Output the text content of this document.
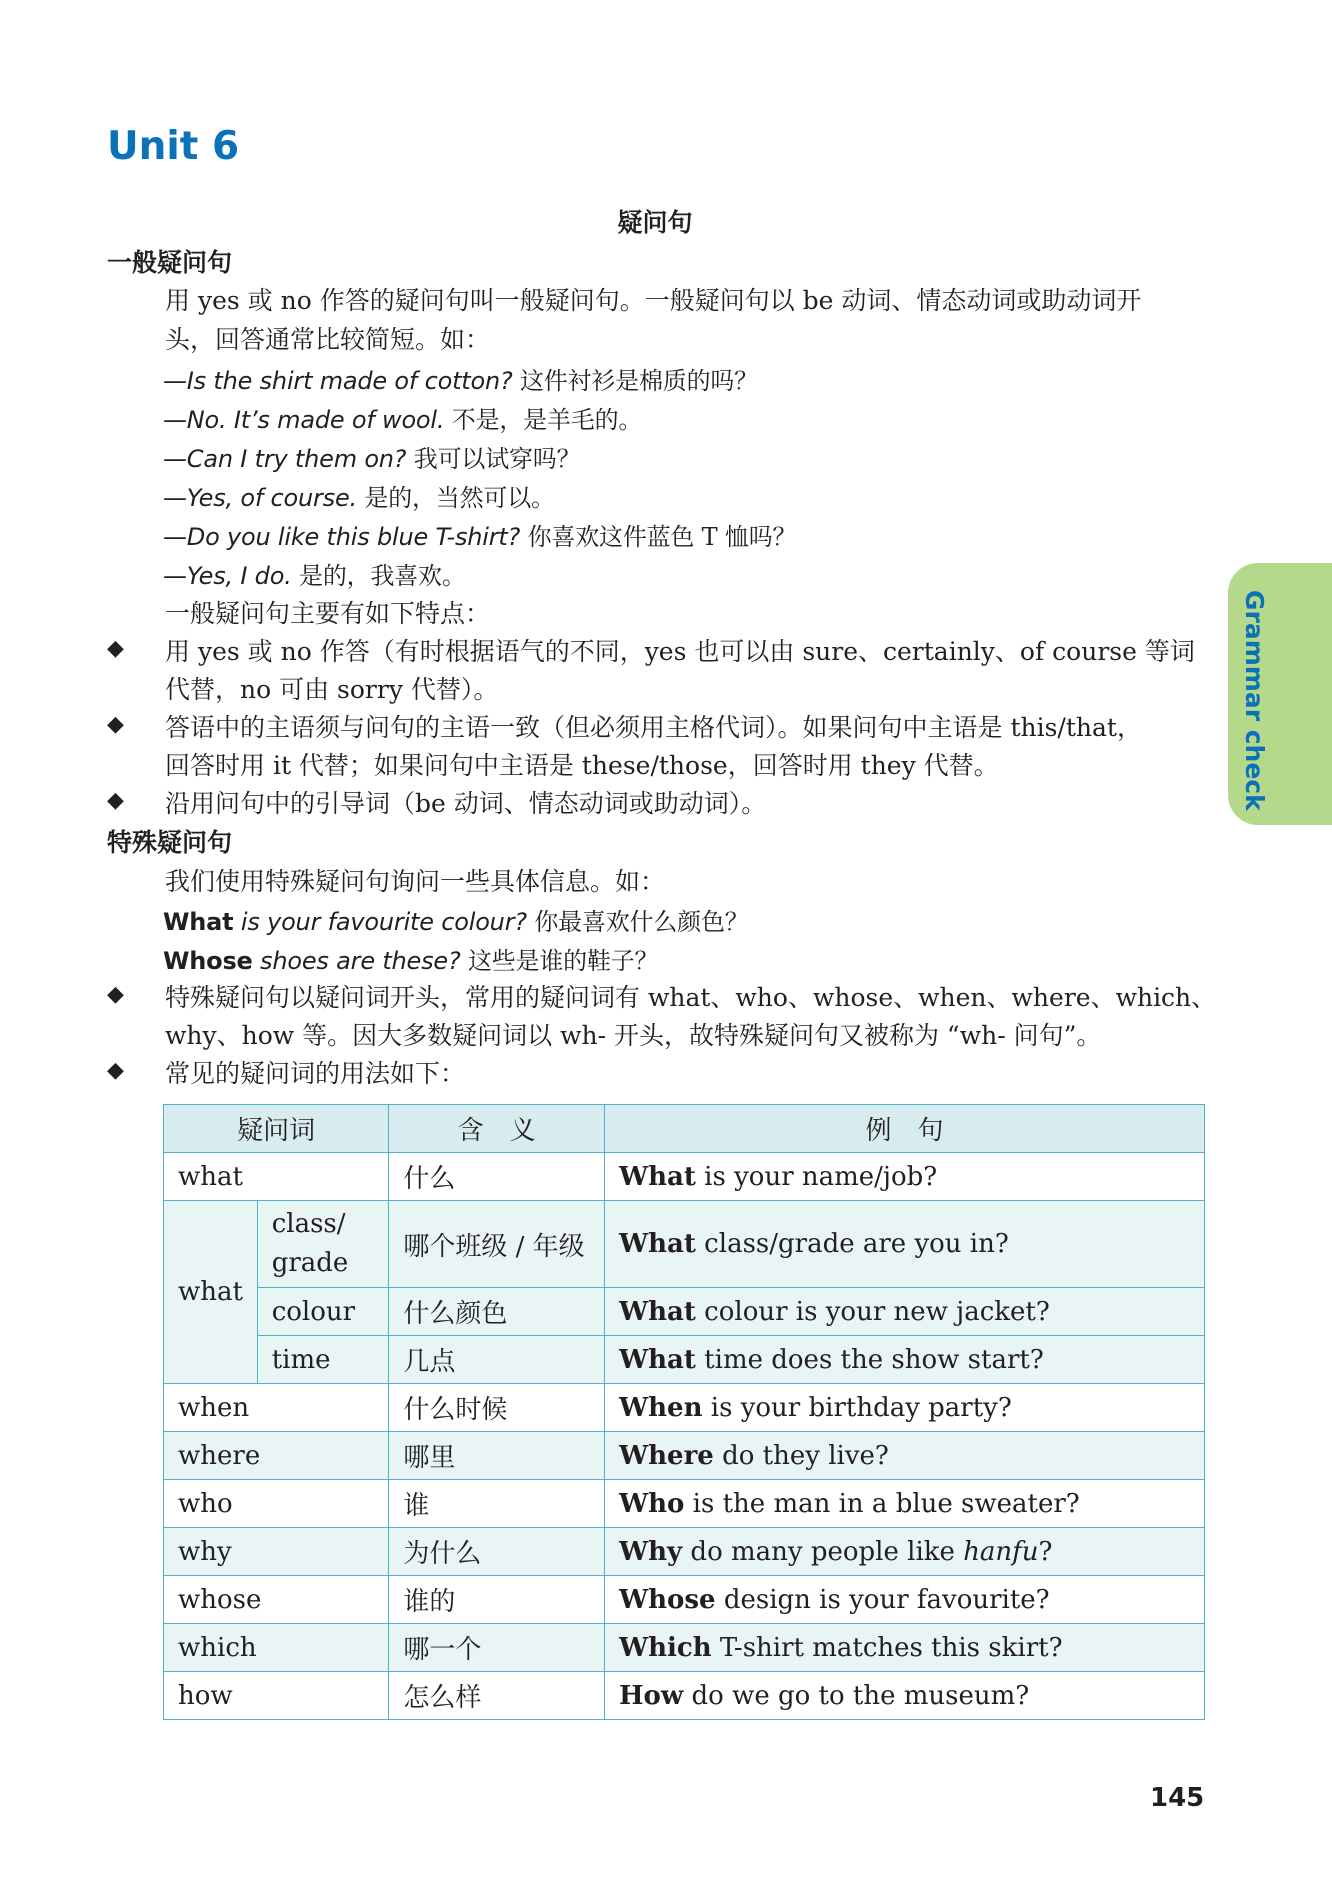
Unit 6
疑问句
Grammar check
一般疑问句
用 yes 或 no 作答的疑问句叫一般疑问句。一般疑问句以 be 动词、情态动词或助动词开
头，回答通常比较简短。如：
—Is the shirt made of cotton? 这件衬衫是棉质的吗？
—No. It’s made of wool. 不是，是羊毛的。
—Can I try them on? 我可以试穿吗？
—Yes, of course. 是的，当然可以。
—Do you like this blue T-shirt? 你喜欢这件蓝色 T 恤吗？
—Yes, I do. 是的，我喜欢。
一般疑问句主要有如下特点：
◆ 用 yes 或 no 作答（有时根据语气的不同，yes 也可以由 sure、certainly、of course 等词
代替，no 可由 sorry 代替）。
◆ 答语中的主语须与问句的主语一致（但必须用主格代词）。如果问句中主语是 this/that，
回答时用 it 代替；如果问句中主语是 these/those，回答时用 they 代替。
◆ 沿用问句中的引导词（be 动词、情态动词或助动词）。
特殊疑问句
我们使用特殊疑问句询问一些具体信息。如：
What is your favourite colour? 你最喜欢什么颜色？
Whose shoes are these? 这些是谁的鞋子？
◆ 特殊疑问句以疑问词开头，常用的疑问词有 what、who、whose、when、where、which、
why、how 等。因大多数疑问词以 wh- 开头，故特殊疑问句又被称为 “wh- 问句”。
◆ 常见的疑问词的用法如下：
疑问词		含　义	例　句
what		什么	What is your name/job?
what	class/ grade	哪个班级 / 年级	What class/grade are you in?
	colour	什么颜色	What colour is your new jacket?
	time	几点	What time does the show start?
when		什么时候	When is your birthday party?
where		哪里	Where do they live?
who		谁	Who is the man in a blue sweater?
why		为什么	Why do many people like hanfu?
whose		谁的	Whose design is your favourite?
which		哪一个	Which T-shirt matches this skirt?
how		怎么样	How do we go to the museum?
145
